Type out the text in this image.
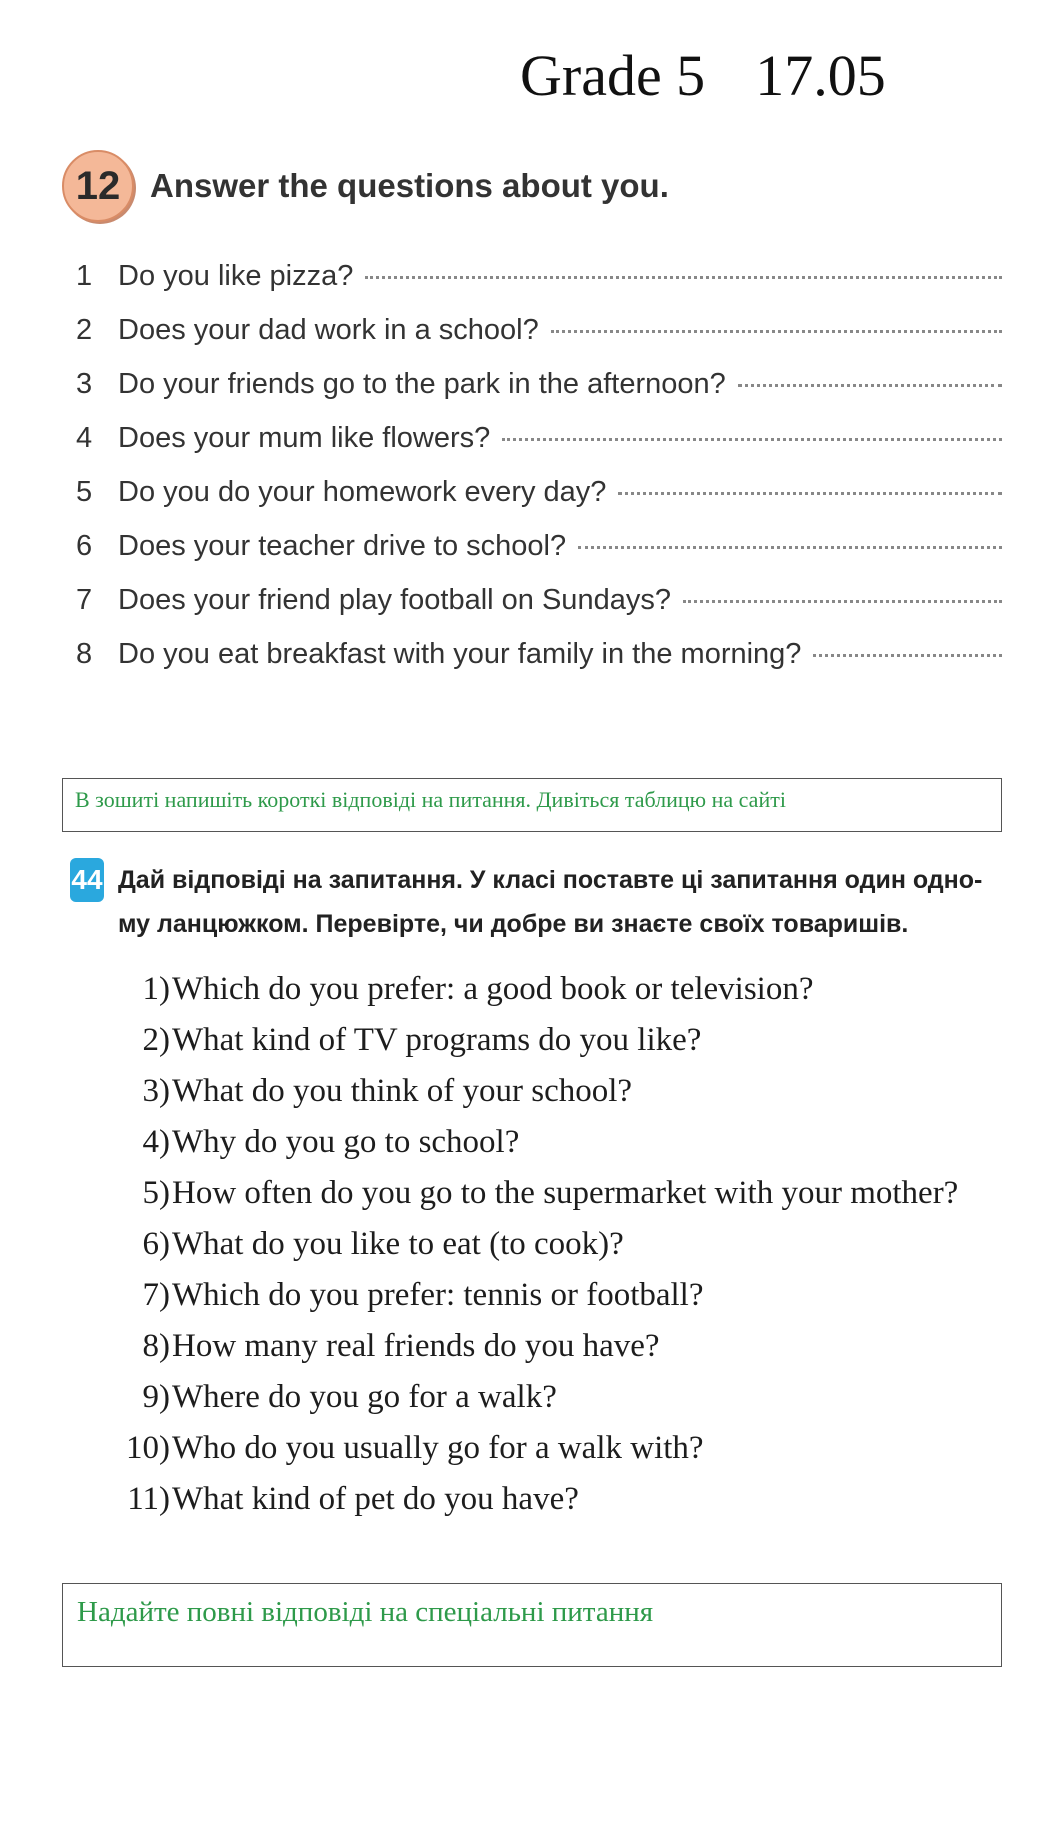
Grade 5 17.05
12 Answer the questions about you.
1 Do you like pizza?
2 Does your dad work in a school?
3 Do your friends go to the park in the afternoon?
4 Does your mum like flowers?
5 Do you do your homework every day?
6 Does your teacher drive to school?
7 Does your friend play football on Sundays?
8 Do you eat breakfast with your family in the morning?
В зошиті напишіть короткі відповіді на питання. Дивіться таблицю на сайті
44 Дай відповіді на запитання. У класі поставте ці запитання один одно-
му ланцюжком. Перевірте, чи добре ви знаєте своїх товаришів.
1) Which do you prefer: a good book or television?
2) What kind of TV programs do you like?
3) What do you think of your school?
4) Why do you go to school?
5) How often do you go to the supermarket with your mother?
6) What do you like to eat (to cook)?
7) Which do you prefer: tennis or football?
8) How many real friends do you have?
9) Where do you go for a walk?
10) Who do you usually go for a walk with?
11) What kind of pet do you have?
Надайте повні відповіді на спеціальні питання
